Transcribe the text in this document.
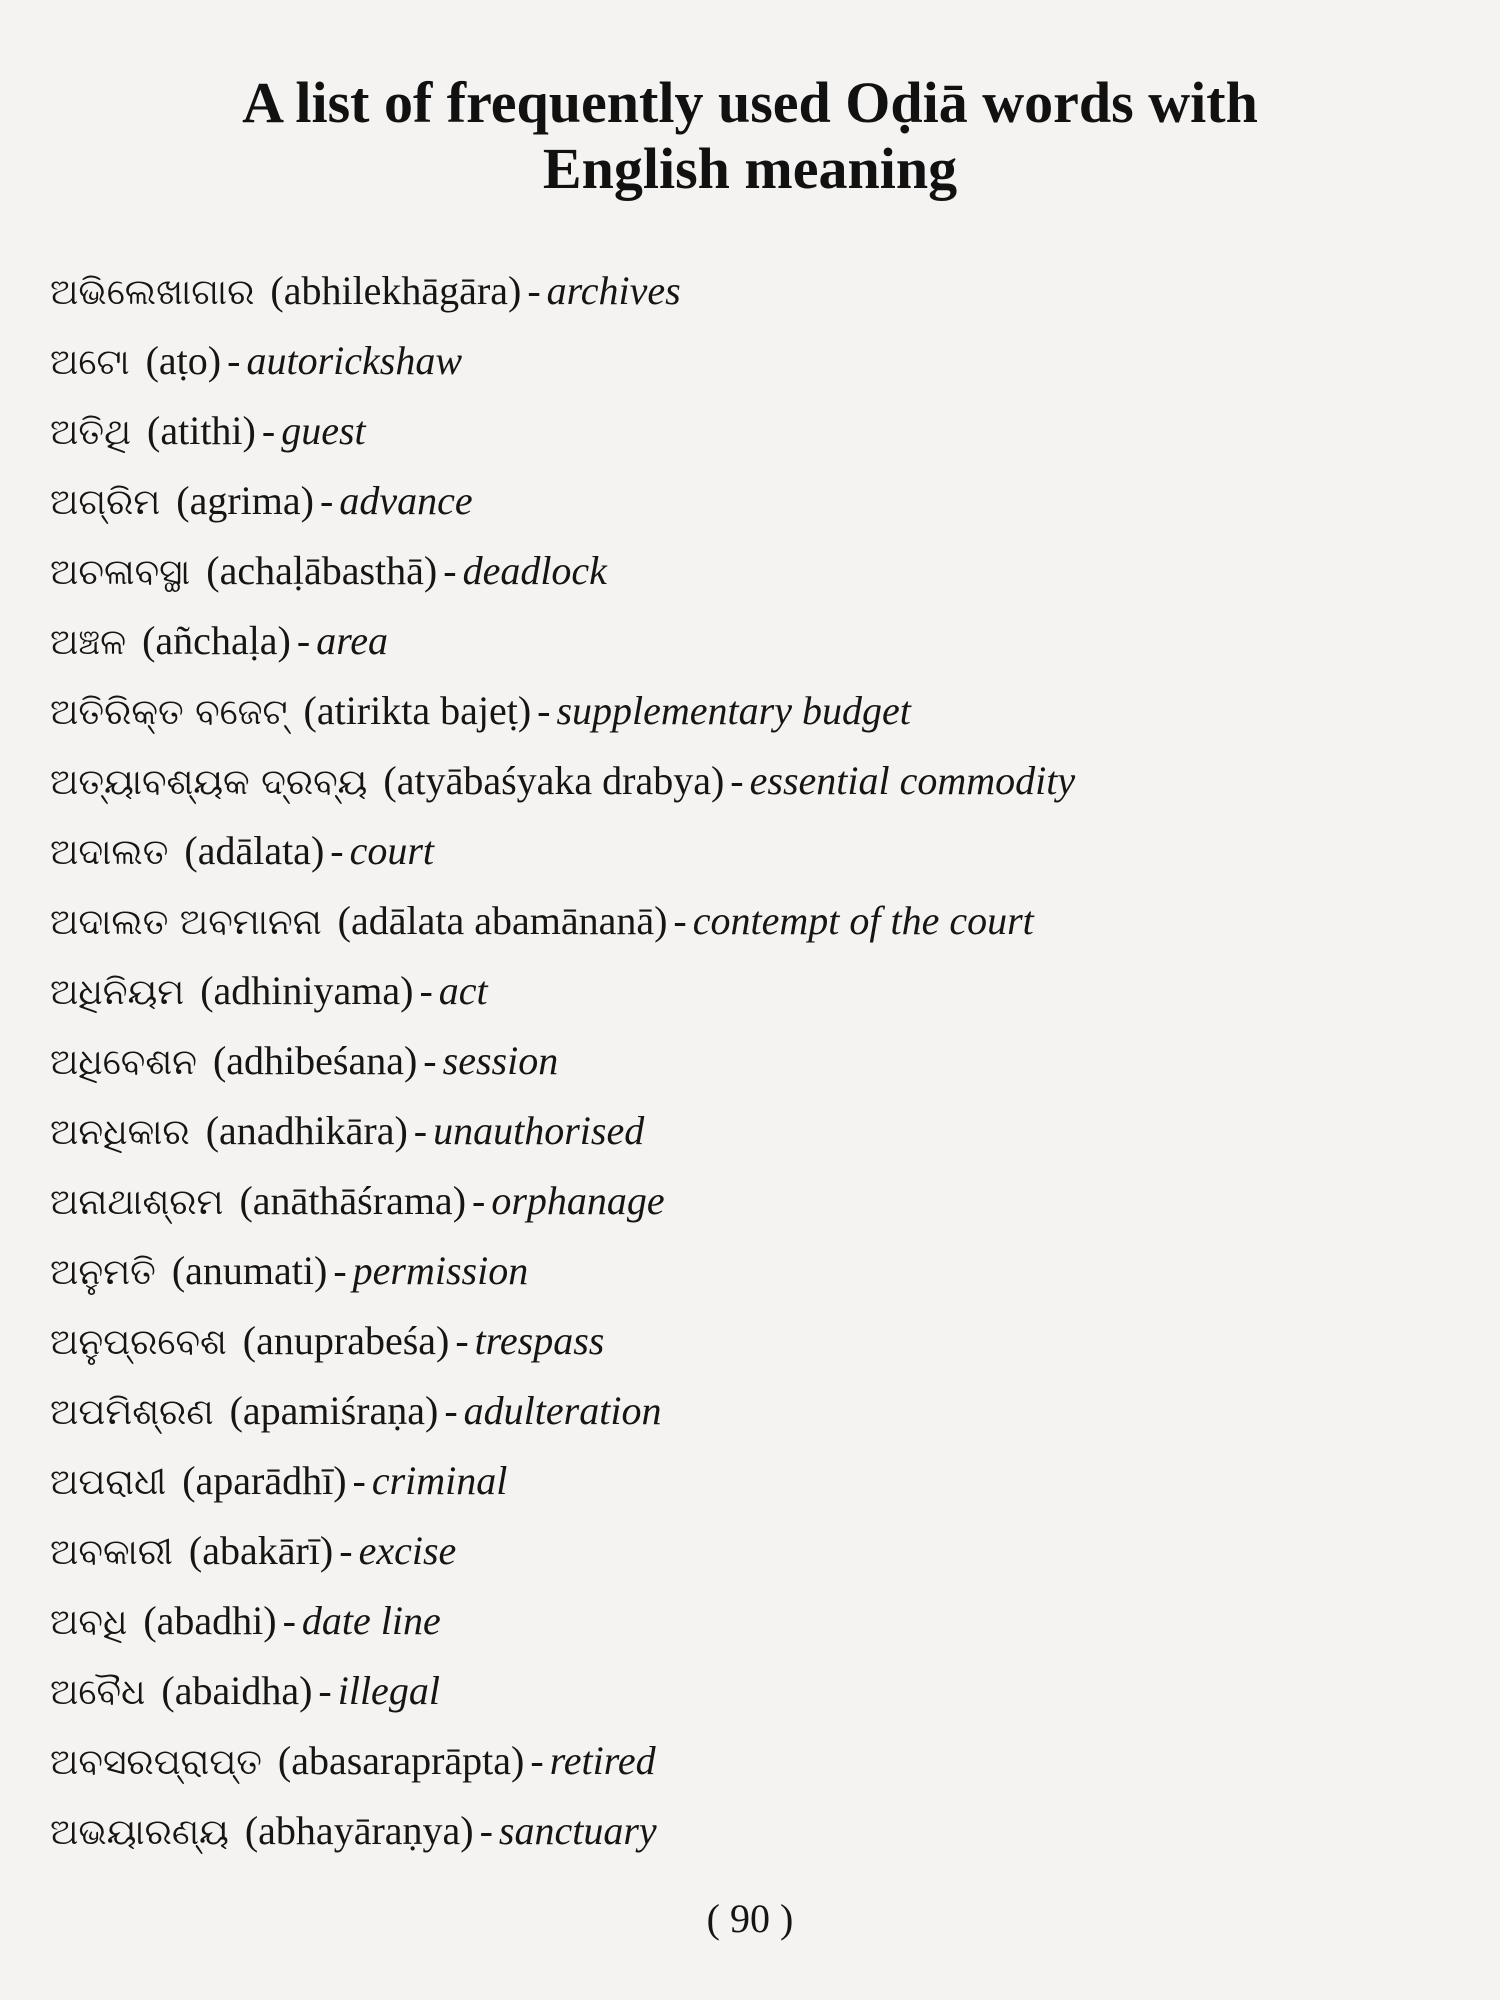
A list of frequently used Oḍiā words with
English meaning
ଅଭିଲେଖାଗାର (abhilekhāgāra) - archives
ଅଟୋ (aṭo) - autorickshaw
ଅତିଥି (atithi) - guest
ଅଗ୍ରିମ (agrima) - advance
ଅଚଳାବସ୍ଥା (achaḷābasthā) - deadlock
ଅଞ୍ଚଳ (añchaḷa) - area
ଅତିରିକ୍ତ ବଜେଟ୍ (atirikta bajeṭ) - supplementary budget
ଅତ୍ୟାବଶ୍ୟକ ଦ୍ରବ୍ୟ (atyābaśyaka drabya) - essential commodity
ଅଦାଲତ (adālata) - court
ଅଦାଲତ ଅବମାନନା (adālata abamānanā) - contempt of the court
ଅଧିନିୟମ (adhiniyama) - act
ଅଧିବେଶନ (adhibeśana) - session
ଅନଧିକାର (anadhikāra) - unauthorised
ଅନାଥାଶ୍ରମ (anāthāśrama) - orphanage
ଅନୁମତି (anumati) - permission
ଅନୁପ୍ରବେଶ (anuprabeśa) - trespass
ଅପମିଶ୍ରଣ (apamiśraṇa) - adulteration
ଅପରାଧୀ (aparādhī) - criminal
ଅବକାରୀ (abakārī) - excise
ଅବଧି (abadhi) - date line
ଅବୈଧ (abaidha) - illegal
ଅବସରପ୍ରାପ୍ତ (abasaraprāpta) - retired
ଅଭୟାରଣ୍ୟ (abhayāraṇya) - sanctuary
( 90 )
